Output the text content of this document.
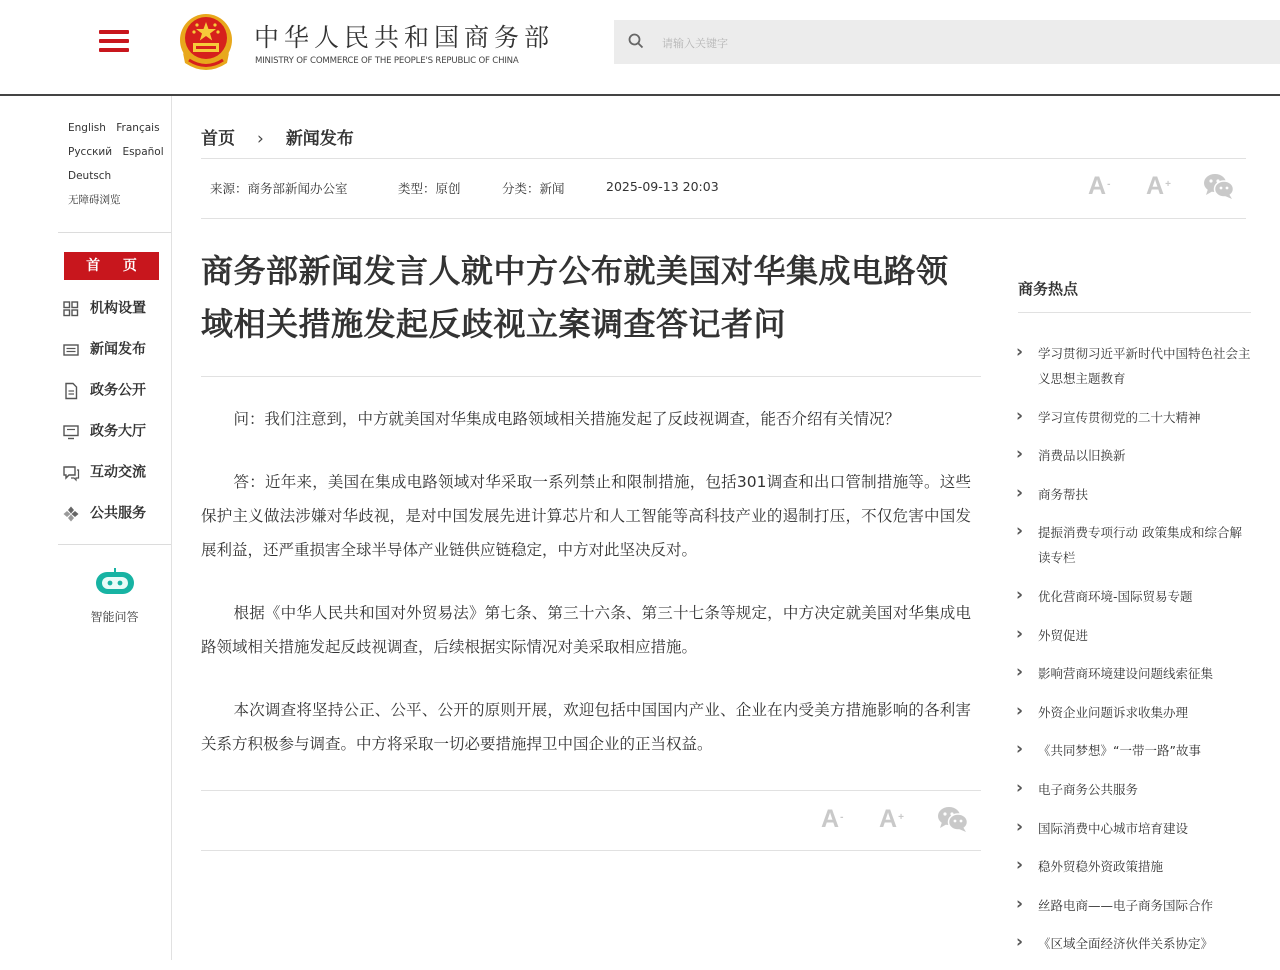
中华人民共和国商务部
MINISTRY OF COMMERCE OF THE PEOPLE'S REPUBLIC OF CHINA
请输入关键字
English Français
Русский Español
Deutsch
无障碍浏览
首 页
机构设置
新闻发布
政务公开
政务大厅
互动交流
公共服务
智能问答
首页 › 新闻发布
来源：商务部新闻办公室	类型：原创	分类：新闻	2025-09-13 20:03	A- A+
商务部新闻发言人就中方公布就美国对华集成电路领域相关措施发起反歧视立案调查答记者问

问：我们注意到，中方就美国对华集成电路领域相关措施发起了反歧视调查，能否介绍有关情况？

答：近年来，美国在集成电路领域对华采取一系列禁止和限制措施，包括301调查和出口管制措施等。这些保护主义做法涉嫌对华歧视，是对中国发展先进计算芯片和人工智能等高科技产业的遏制打压，不仅危害中国发展利益，还严重损害全球半导体产业链供应链稳定，中方对此坚决反对。

根据《中华人民共和国对外贸易法》第七条、第三十六条、第三十七条等规定，中方决定就美国对华集成电路领域相关措施发起反歧视调查，后续根据实际情况对美采取相应措施。

本次调查将坚持公正、公平、公开的原则开展，欢迎包括中国国内产业、企业在内受美方措施影响的各利害关系方积极参与调查。中方将采取一切必要措施捍卫中国企业的正当权益。

A- A+
商务热点
› 学习贯彻习近平新时代中国特色社会主义思想主题教育
› 学习宣传贯彻党的二十大精神
› 消费品以旧换新
› 商务帮扶
› 提振消费专项行动 政策集成和综合解读专栏
› 优化营商环境-国际贸易专题
› 外贸促进
› 影响营商环境建设问题线索征集
› 外资企业问题诉求收集办理
› 《共同梦想》“一带一路”故事
› 电子商务公共服务
› 国际消费中心城市培育建设
› 稳外贸稳外资政策措施
› 丝路电商——电子商务国际合作
› 《区域全面经济伙伴关系协定》
